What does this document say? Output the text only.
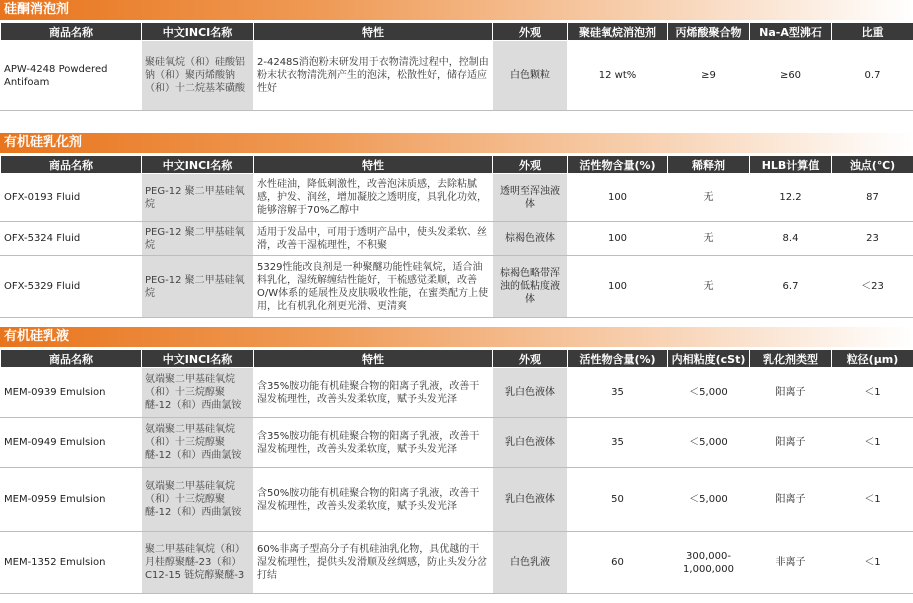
硅酮消泡剂
商品名称	中文INCI名称	特性	外观	聚硅氧烷消泡剂	丙烯酸聚合物	Na-A型沸石	比重
APW-4248 Powdered Antifoam	聚硅氧烷（和）硅酸铝钠（和）聚丙烯酸钠（和）十二烷基苯磺酸	2-4248S消泡粉末研发用于衣物清洗过程中，控制由粉末状衣物清洗剂产生的泡沫，松散性好，储存适应性好	白色颗粒	12 wt%	≥9	≥60	0.7
有机硅乳化剂
商品名称	中文INCI名称	特性	外观	活性物含量(%)	稀释剂	HLB计算值	浊点(℃)
OFX-0193 Fluid	PEG-12 聚二甲基硅氧烷	水性硅油，降低刺激性，改善泡沫质感，去除粘腻感，护发、润丝，增加凝胶之透明度，具乳化功效，能够溶解于70%乙醇中	透明至浑浊液体	100	无	12.2	87
OFX-5324 Fluid	PEG-12 聚二甲基硅氧烷	适用于发品中，可用于透明产品中，使头发柔软、丝滑，改善干湿梳理性，不积聚	棕褐色液体	100	无	8.4	23
OFX-5329 Fluid	PEG-12 聚二甲基硅氧烷	5329性能改良剂是一种聚醚功能性硅氧烷，适合油料乳化，湿统解缠结性能好，干梳感觉柔顺，改善O/W体系的延展性及皮肤吸收性能，在蜜类配方上使用，比有机乳化剂更光滑、更清爽	棕褐色略带浑浊的低粘度液体	100	无	6.7	＜23
有机硅乳液
商品名称	中文INCI名称	特性	外观	活性物含量(%)	内相粘度(cSt)	乳化剂类型	粒径(μm)
MEM-0939 Emulsion	氨端聚二甲基硅氧烷（和）十三烷醇聚醚-12（和）西曲氯铵	含35%胺功能有机硅聚合物的阳离子乳液，改善干湿发梳理性，改善头发柔软度，赋予头发光泽	乳白色液体	35	＜5,000	阳离子	＜1
MEM-0949 Emulsion	氨端聚二甲基硅氧烷（和）十三烷醇聚醚-12（和）西曲氯铵	含35%胺功能有机硅聚合物的阳离子乳液，改善干湿发梳理性，改善头发柔软度，赋予头发光泽	乳白色液体	35	＜5,000	阳离子	＜1
MEM-0959 Emulsion	氨端聚二甲基硅氧烷（和）十三烷醇聚醚-12（和）西曲氯铵	含50%胺功能有机硅聚合物的阳离子乳液，改善干湿发梳理性，改善头发柔软度，赋予头发光泽	乳白色液体	50	＜5,000	阳离子	＜1
MEM-1352 Emulsion	聚二甲基硅氧烷（和）月桂醇聚醚-23（和）C12-15 链烷醇聚醚-3	60%非离子型高分子有机硅油乳化物，具优越的干湿发梳理性，提供头发滑顺及丝绸感，防止头发分岔打结	白色乳液	60	300,000-1,000,000	非离子	＜1
